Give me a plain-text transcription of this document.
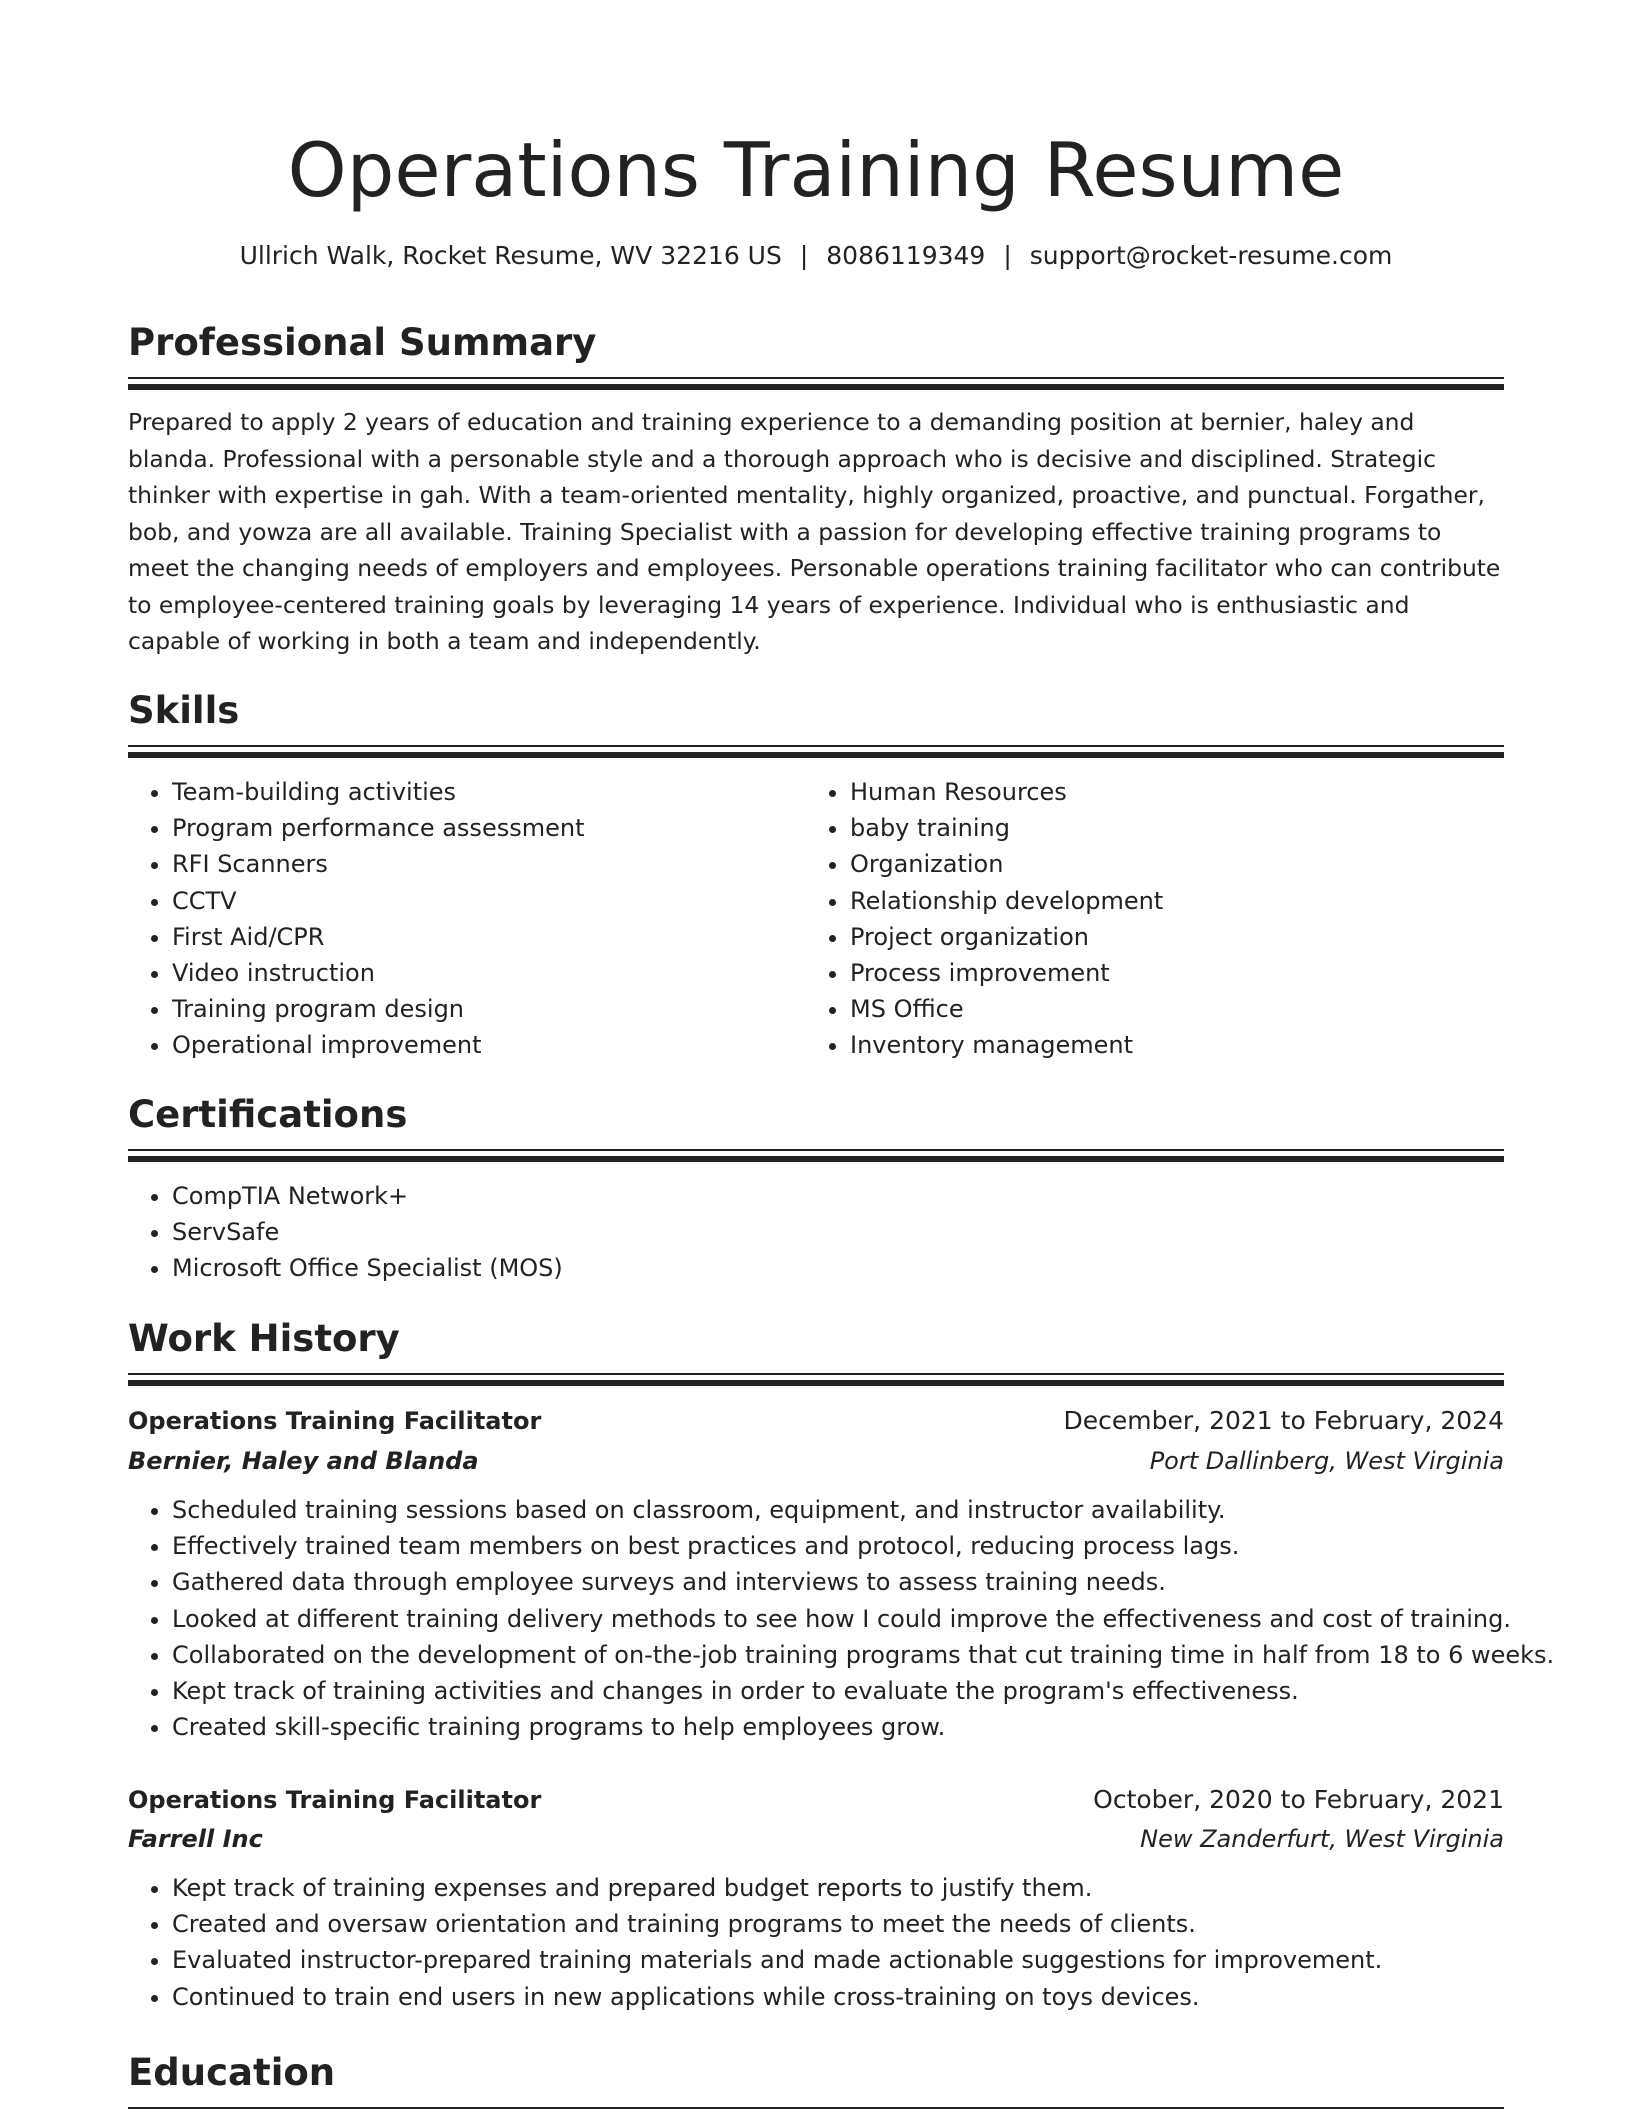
Operations Training Resume
Ullrich Walk, Rocket Resume, WV 32216 US | 8086119349 | support@rocket-resume.com
Professional Summary

Prepared to apply 2 years of education and training experience to a demanding position at bernier, haley and blanda. Professional with a personable style and a thorough approach who is decisive and disciplined. Strategic thinker with expertise in gah. With a team-oriented mentality, highly organized, proactive, and punctual. Forgather, bob, and yowza are all available. Training Specialist with a passion for developing effective training programs to meet the changing needs of employers and employees. Personable operations training facilitator who can contribute to employee-centered training goals by leveraging 14 years of experience. Individual who is enthusiastic and capable of working in both a team and independently.

Skills
• Team-building activities
• Program performance assessment
• RFI Scanners
• CCTV
• First Aid/CPR
• Video instruction
• Training program design
• Operational improvement
• Human Resources
• baby training
• Organization
• Relationship development
• Project organization
• Process improvement
• MS Office
• Inventory management
Certifications
• CompTIA Network+
• ServSafe
• Microsoft Office Specialist (MOS)
Work History
Operations Training Facilitator	December, 2021 to February, 2024
Bernier, Haley and Blanda	Port Dallinberg, West Virginia
• Scheduled training sessions based on classroom, equipment, and instructor availability.
• Effectively trained team members on best practices and protocol, reducing process lags.
• Gathered data through employee surveys and interviews to assess training needs.
• Looked at different training delivery methods to see how I could improve the effectiveness and cost of training.
• Collaborated on the development of on-the-job training programs that cut training time in half from 18 to 6 weeks.
• Kept track of training activities and changes in order to evaluate the program's effectiveness.
• Created skill-specific training programs to help employees grow.
Operations Training Facilitator	October, 2020 to February, 2021
Farrell Inc	New Zanderfurt, West Virginia
• Kept track of training expenses and prepared budget reports to justify them.
• Created and oversaw orientation and training programs to meet the needs of clients.
• Evaluated instructor-prepared training materials and made actionable suggestions for improvement.
• Continued to train end users in new applications while cross-training on toys devices.
Education
